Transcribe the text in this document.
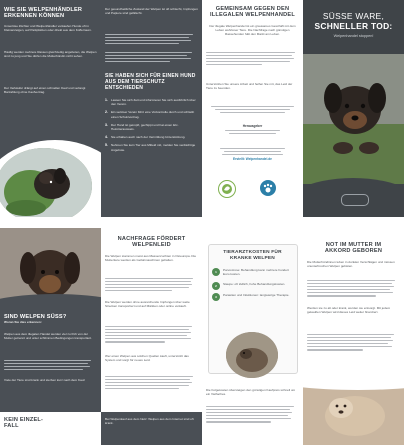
WIE SIE WELPENHÄNDLER ERKENNEN KÖNNEN
Unseriöse Züchter und Welpenhändler verkaufen Hunde oft in Kleinanzeigen, auf Parkplätzen oder direkt aus dem Kofferraum.
Häufig werden mehrere Rassen gleichzeitig angeboten, die Welpen sind zu jung und Sie dürfen die Mutterhündin nicht sehen.
Der Verkäufer drängt auf einen schnellen Kauf und verlangt Barzahlung ohne Kaufvertrag.
Der gesundheitliche Zustand der Welpen ist oft schlecht, Impfungen und Papiere sind gefälscht.
SIE HABEN SICH FÜR EINEN HUND AUS DEM TIERSCHUTZ ENTSCHIEDEN
1. Lassen Sie sich Zeit und informieren Sie sich ausführlich über den Verein.
2. Ein seriöser Verein führt eine Vorkontrolle durch und schließt einen Schutzvertrag.
3. Der Hund ist geimpft, gechippt und hat einen EU-Heimtierausweis.
4. Sie erhalten auch nach der Vermittlung Unterstützung.
5. Nehmen Sie kein Tier aus Mitleid mit, melden Sie verdächtige Angebote.
GEMEINSAM GEGEN DEN
ILLEGALEN WELPENHANDEL
Der illegale Welpenhandel ist ein grausames Geschäft mit dem Leben wehrloser Tiere. Die Nachfrage nach günstigen Rassehunden hält den Markt am Leben.
Unterstützen Sie unsere Arbeit und helfen Sie mit, das Leid der Tiere zu beenden.
Herausgeber
Erstellt: Welpenhandel.de
SÜSSE WARE,
SCHNELLER TOD:
Welpenhandel stoppen!
SIND WELPEN SÜSS?
Woran Sie dies erkennen:
Welpen aus dem illegalen Handel werden viel zu früh von der Mutter getrennt und unter schlimmen Bedingungen transportiert.
Viele der Tiere sind krank und sterben kurz nach dem Kauf.
KEIN EINZEL-
FALL
NACHFRAGE FÖRDERT
WELPENLEID
Die Welpen stammen meist aus Massenzuchten in Osteuropa. Die Muttertiere werden als Gebärmaschinen gehalten.
Die Welpen werden ohne ausreichende Impfungen über weite Strecken transportiert und auf Märkten oder online verkauft.
Wer einen Welpen aus solchen Quellen kauft, unterstützt das System und sorgt für neues Leid.
Bei Welpenkauf aus dem Netz: Welpen aus dem Internet sind oft krank.
TIERARZTKOSTEN FÜR
KRANKE WELPEN
1	Parvovirose: Behandlung kann mehrere hundert Euro kosten.
2	Staupe: oft tödlich, hohe Behandlungskosten.
3	Parasiten und Infektionen: langwierige Therapie.
Die Folgekosten übersteigen den günstigen Kaufpreis schnell um ein Vielfaches.
NOT IM MUTTER IM
AKKORD GEBOREN
Die Mutterhündinnen leben in dunklen Verschlägen und müssen ununterbrochen Welpen gebären.
Werden sie zu alt oder krank, werden sie entsorgt. Mit jedem gekauften Welpen wird dieses Leid weiter finanziert.
